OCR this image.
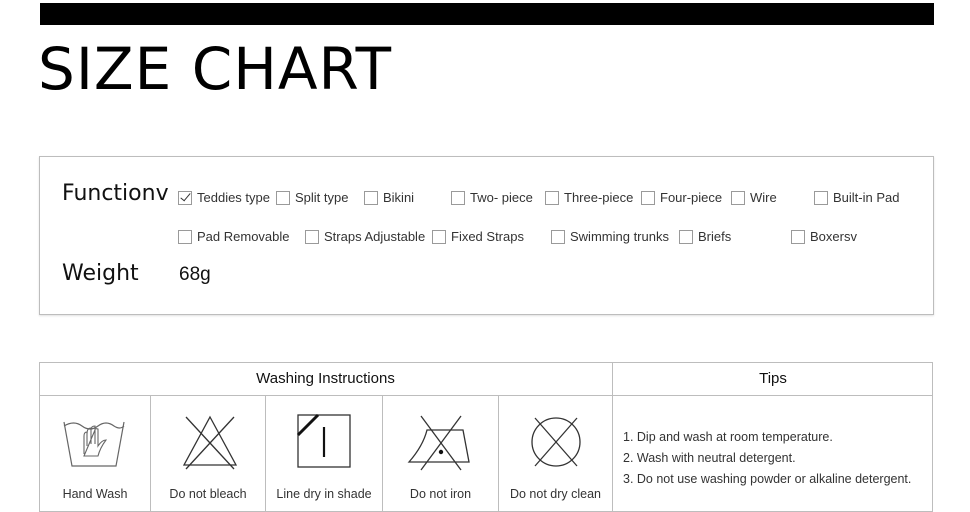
SIZE CHART
Functionv
Weight 68g
Teddies type Split type	Bikini	Two- piece Three-piece Four-piece Wire	Built-in Pad
Pad Removable	Straps Adjustable Fixed Straps	Swimming trunks Briefs	Boxersv
Washing Instructions	Tips
Hand Wash	Do not bleach	Line dry in shade	Do not iron	Do not dry clean
1. Dip and wash at room temperature.
2. Wash with neutral detergent.
3. Do not use washing powder or alkaline detergent.
